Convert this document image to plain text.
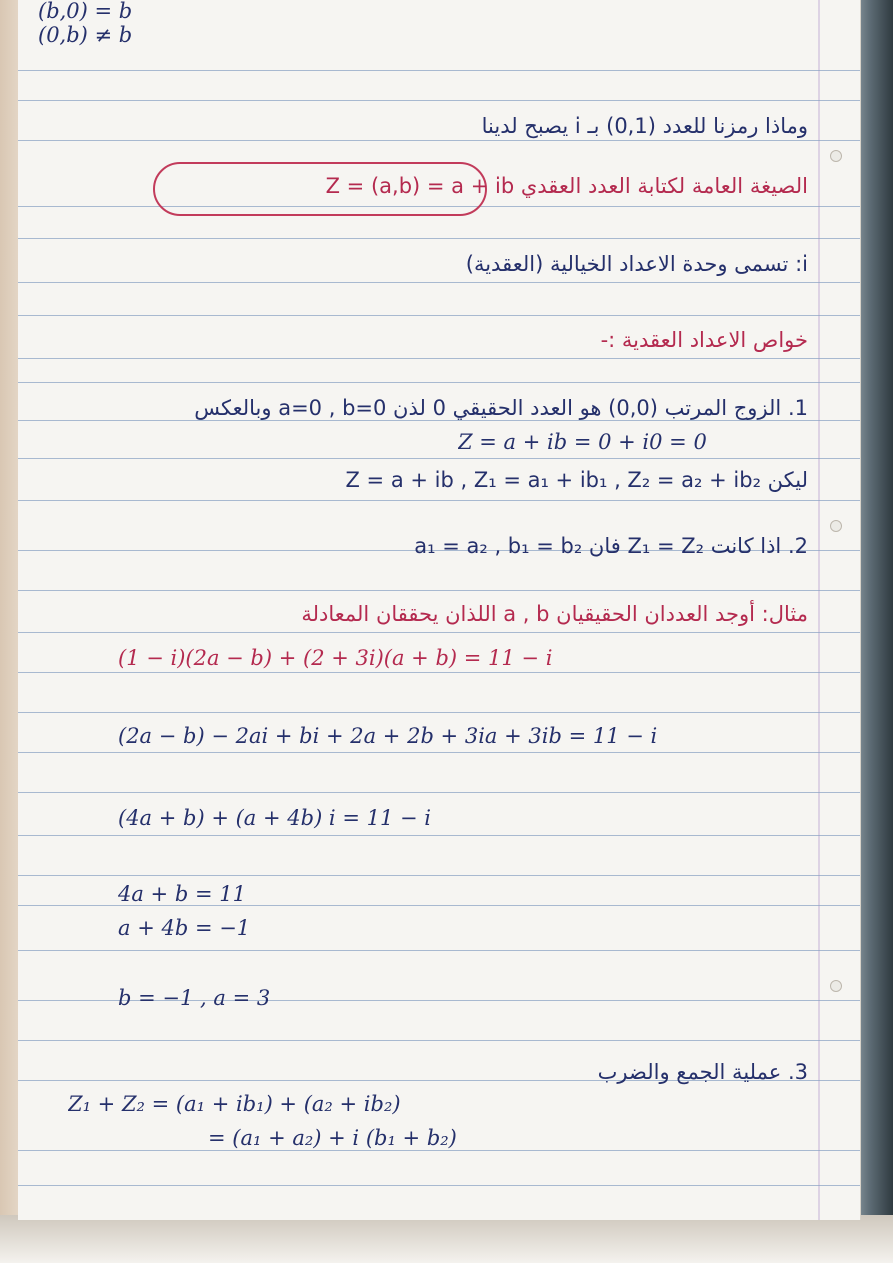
(b,0) = b
(0,b) ≠ b
وماذا رمزنا للعدد (0,1) بـ i يصبح لدينا
الصيغة العامة لكتابة العدد العقدي Z = (a,b) = a + ib
i: تسمى وحدة الاعداد الخيالية (العقدية)
خواص الاعداد العقدية :-
1. الزوج المرتب (0,0) هو العدد الحقيقي 0 لذن a=0 , b=0 وبالعكس
Z = a + ib = 0 + i0 = 0
ليكن Z = a + ib , Z₁ = a₁ + ib₁ , Z₂ = a₂ + ib₂
2. اذا كانت Z₁ = Z₂ فان a₁ = a₂ , b₁ = b₂
مثال: أوجد العددان الحقيقيان a , b اللذان يحققان المعادلة
(1 − i)(2a − b) + (2 + 3i)(a + b) = 11 − i
(2a − b) − 2ai + bi + 2a + 2b + 3ia + 3ib = 11 − i
(4a + b) + (a + 4b) i = 11 − i
4a + b = 11
a + 4b = −1
b = −1 , a = 3
3. عملية الجمع والضرب
Z₁ + Z₂ = (a₁ + ib₁) + (a₂ + ib₂)
= (a₁ + a₂) + i (b₁ + b₂)
